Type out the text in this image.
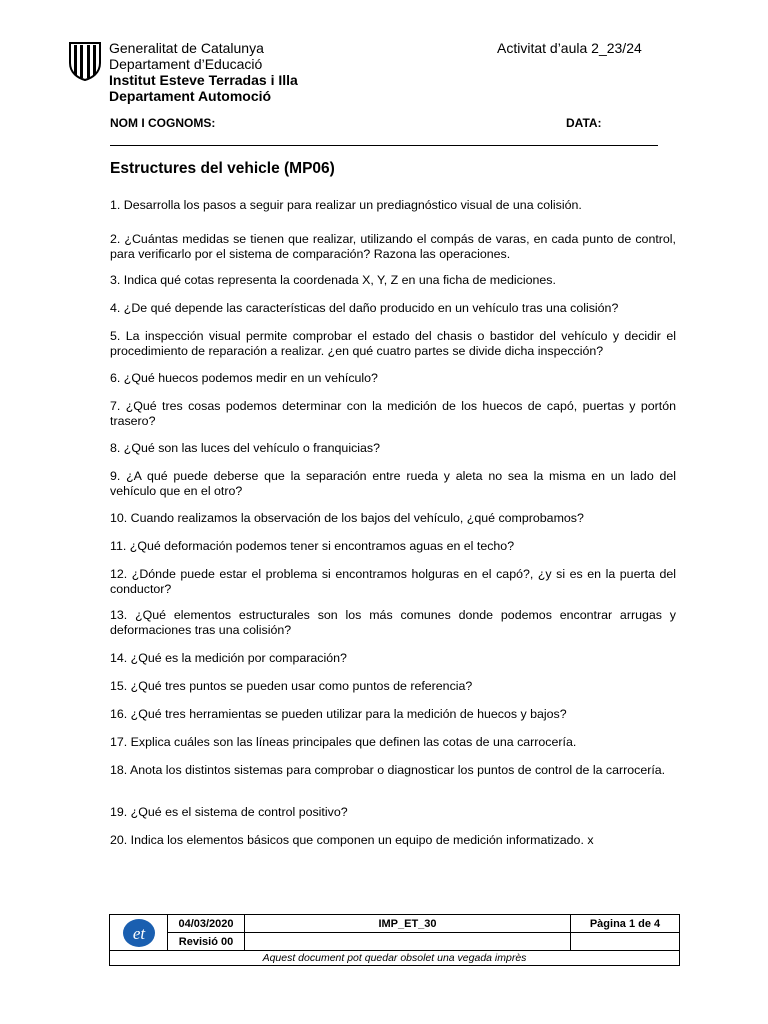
Generalitat de Catalunya
Departament d’Educació
Institut Esteve Terradas i Illa
Departament Automoció
Activitat d’aula 2_23/24
NOM I COGNOMS:	DATA:
Estructures del vehicle (MP06)
1. Desarrolla los pasos a seguir para realizar un prediagnóstico visual de una colisión.
2. ¿Cuántas medidas se tienen que realizar, utilizando el compás de varas, en cada punto de control, para verificarlo por el sistema de comparación? Razona las operaciones.
3. Indica qué cotas representa la coordenada X, Y, Z en una ficha de mediciones.
4. ¿De qué depende las características del daño producido en un vehículo tras una colisión?
5. La inspección visual permite comprobar el estado del chasis o bastidor del vehículo y decidir el procedimiento de reparación a realizar. ¿en qué cuatro partes se divide dicha inspección?
6. ¿Qué huecos podemos medir en un vehículo?
7. ¿Qué tres cosas podemos determinar con la medición de los huecos de capó, puertas y portón trasero?
8. ¿Qué son las luces del vehículo o franquicias?
9. ¿A qué puede deberse que la separación entre rueda y aleta no sea la misma en un lado del vehículo que en el otro?
10. Cuando realizamos la observación de los bajos del vehículo, ¿qué comprobamos?
11. ¿Qué deformación podemos tener si encontramos aguas en el techo?
12. ¿Dónde puede estar el problema si encontramos holguras en el capó?, ¿y si es en la puerta del conductor?
13. ¿Qué elementos estructurales son los más comunes donde podemos encontrar arrugas y deformaciones tras una colisión?
14. ¿Qué es la medición por comparación?
15. ¿Qué tres puntos se pueden usar como puntos de referencia?
16. ¿Qué tres herramientas se pueden utilizar para la medición de huecos y bajos?
17. Explica cuáles son las líneas principales que definen las cotas de una carrocería.
18. Anota los distintos sistemas para comprobar o diagnosticar los puntos de control de la carrocería.
19. ¿Qué es el sistema de control positivo?
20. Indica los elementos básicos que componen un equipo de medición informatizado. x
et	04/03/2020	IMP_ET_30	Pàgina 1 de 4
	Revisió 00		
Aquest document pot quedar obsolet una vegada imprès			
